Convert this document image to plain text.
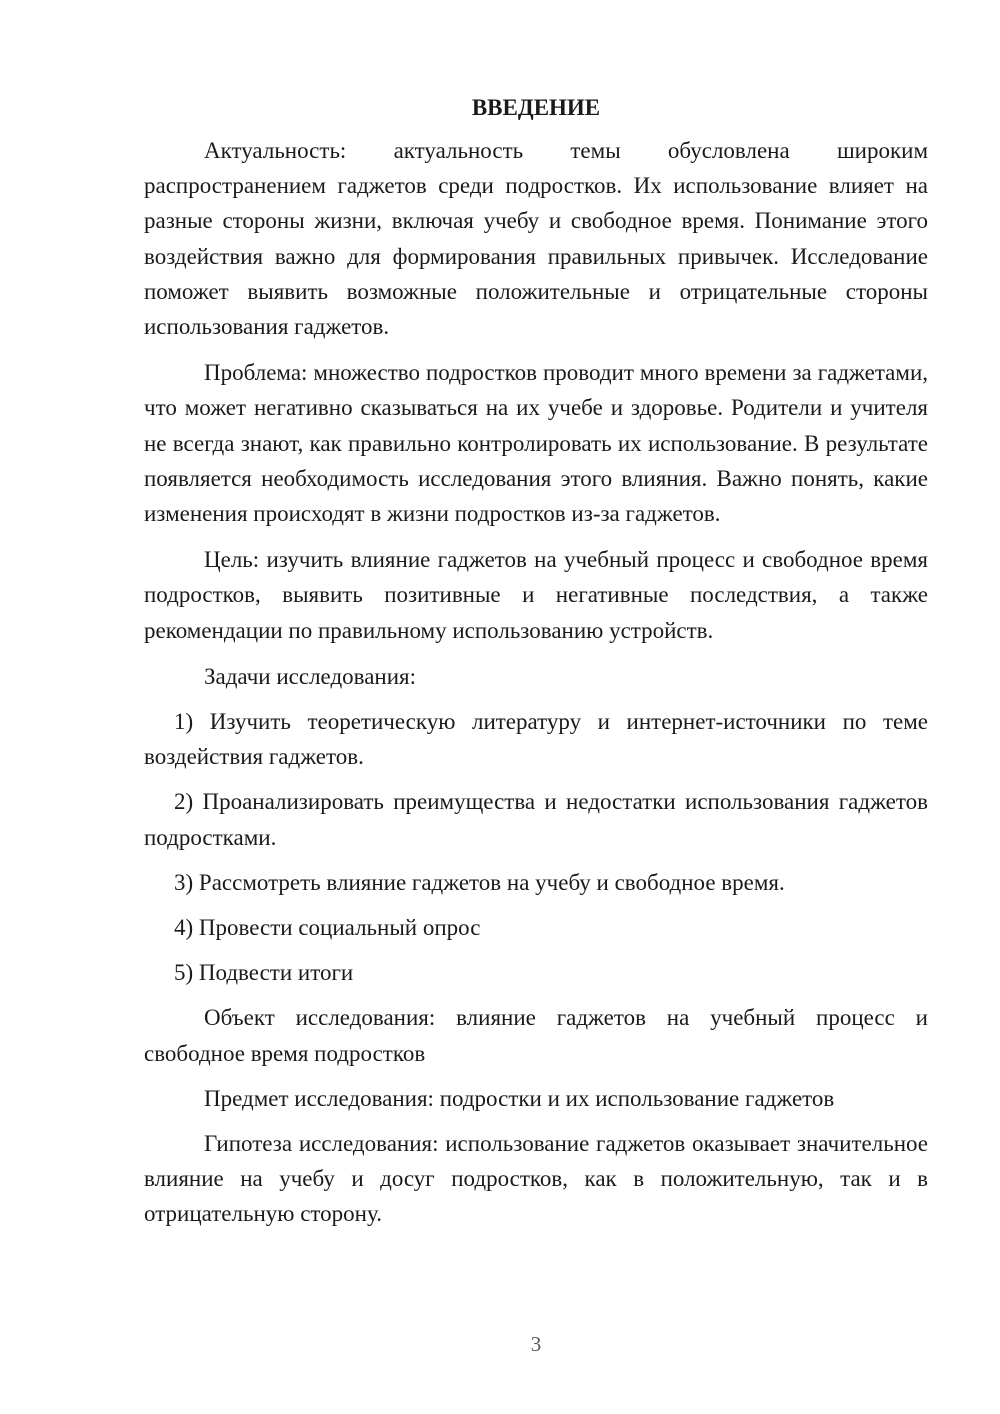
ВВЕДЕНИЕ

Актуальность: актуальность темы обусловлена широким распространением гаджетов среди подростков. Их использование влияет на разные стороны жизни, включая учебу и свободное время. Понимание этого воздействия важно для формирования правильных привычек. Исследование поможет выявить возможные положительные и отрицательные стороны использования гаджетов.

Проблема: множество подростков проводит много времени за гаджетами, что может негативно сказываться на их учебе и здоровье. Родители и учителя не всегда знают, как правильно контролировать их использование. В результате появляется необходимость исследования этого влияния. Важно понять, какие изменения происходят в жизни подростков из-за гаджетов.

Цель: изучить влияние гаджетов на учебный процесс и свободное время подростков, выявить позитивные и негативные последствия, а также рекомендации по правильному использованию устройств.

Задачи исследования:

1) Изучить теоретическую литературу и интернет-источники по теме воздействия гаджетов.

2) Проанализировать преимущества и недостатки использования гаджетов подростками.

3) Рассмотреть влияние гаджетов на учебу и свободное время.

4) Провести социальный опрос

5) Подвести итоги

Объект исследования: влияние гаджетов на учебный процесс и свободное время подростков

Предмет исследования: подростки и их использование гаджетов

Гипотеза исследования: использование гаджетов оказывает значительное влияние на учебу и досуг подростков, как в положительную, так и в отрицательную сторону.

3
